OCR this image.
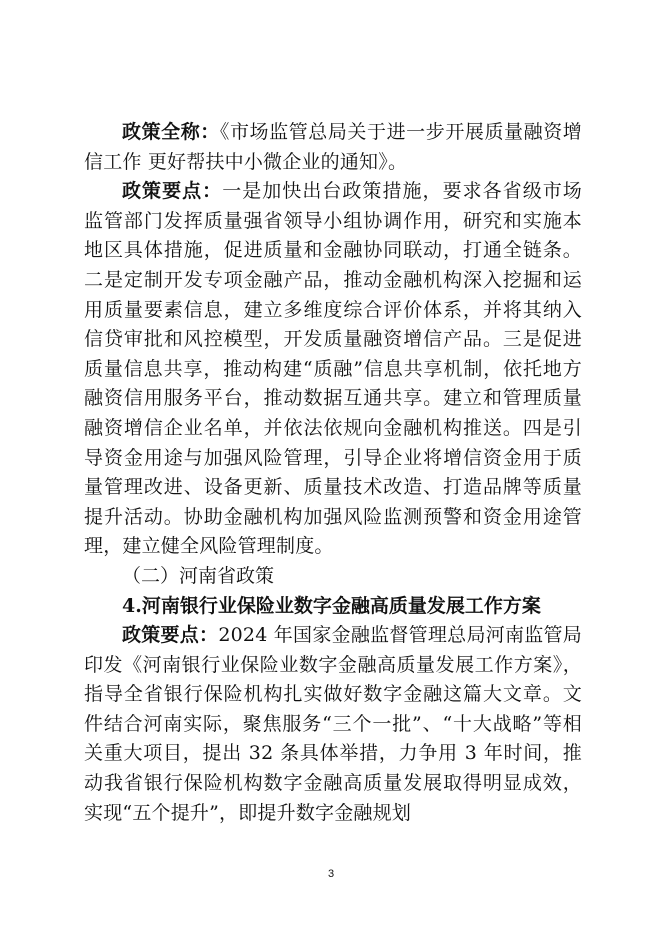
政策全称：《市场监管总局关于进一步开展质量融资增信工作 更好帮扶中小微企业的通知》。

政策要点：一是加快出台政策措施，要求各省级市场监管部门发挥质量强省领导小组协调作用，研究和实施本地区具体措施，促进质量和金融协同联动，打通全链条。二是定制开发专项金融产品，推动金融机构深入挖掘和运用质量要素信息，建立多维度综合评价体系，并将其纳入信贷审批和风控模型，开发质量融资增信产品。三是促进质量信息共享，推动构建“质融”信息共享机制，依托地方融资信用服务平台，推动数据互通共享。建立和管理质量融资增信企业名单，并依法依规向金融机构推送。四是引导资金用途与加强风险管理，引导企业将增信资金用于质量管理改进、设备更新、质量技术改造、打造品牌等质量提升活动。协助金融机构加强风险监测预警和资金用途管理，建立健全风险管理制度。

（二）河南省政策

4.河南银行业保险业数字金融高质量发展工作方案

政策要点：2024 年国家金融监督管理总局河南监管局印发《河南银行业保险业数字金融高质量发展工作方案》，指导全省银行保险机构扎实做好数字金融这篇大文章。文件结合河南实际，聚焦服务“三个一批”、“十大战略”等相关重大项目，提出 32 条具体举措，力争用 3 年时间，推动我省银行保险机构数字金融高质量发展取得明显成效，实现“五个提升”，即提升数字金融规划

3
